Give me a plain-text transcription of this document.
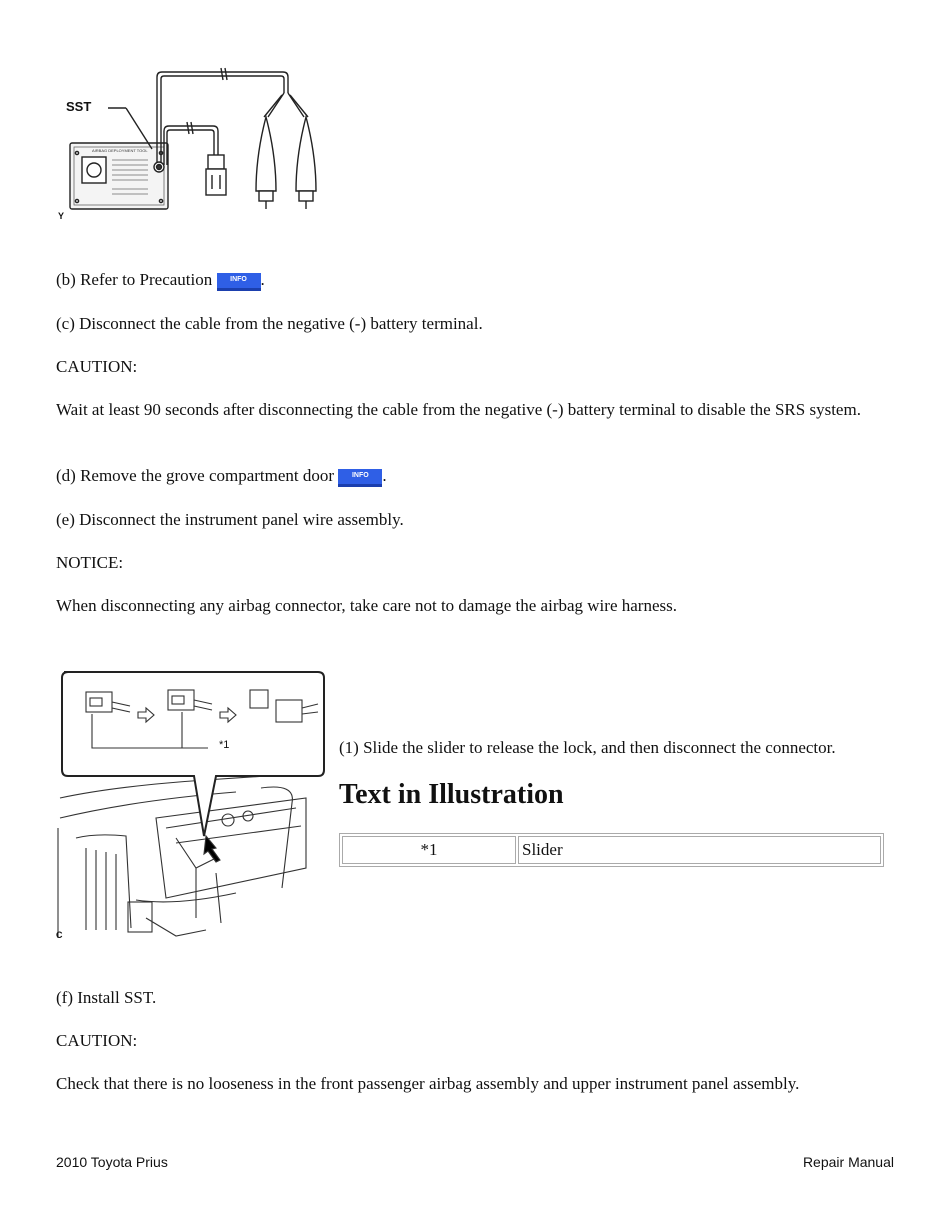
SST
AIRBAG DEPLOYMENT TOOL
Y
(b) Refer to Precaution	INFO .
(c) Disconnect the cable from the negative (-) battery terminal.
CAUTION:
Wait at least 90 seconds after disconnecting the cable from the negative (-) battery terminal to disable the SRS system.
(d) Remove the grove compartment door	INFO .
(e) Disconnect the instrument panel wire assembly.
NOTICE:
When disconnecting any airbag connector, take care not to damage the airbag wire harness.
*1
C
(1) Slide the slider to release the lock, and then disconnect the connector.
Text in Illustration
*1	Slider
(f) Install SST.
CAUTION:
Check that there is no looseness in the front passenger airbag assembly and upper instrument panel assembly.
2010 Toyota Prius	Repair Manual
